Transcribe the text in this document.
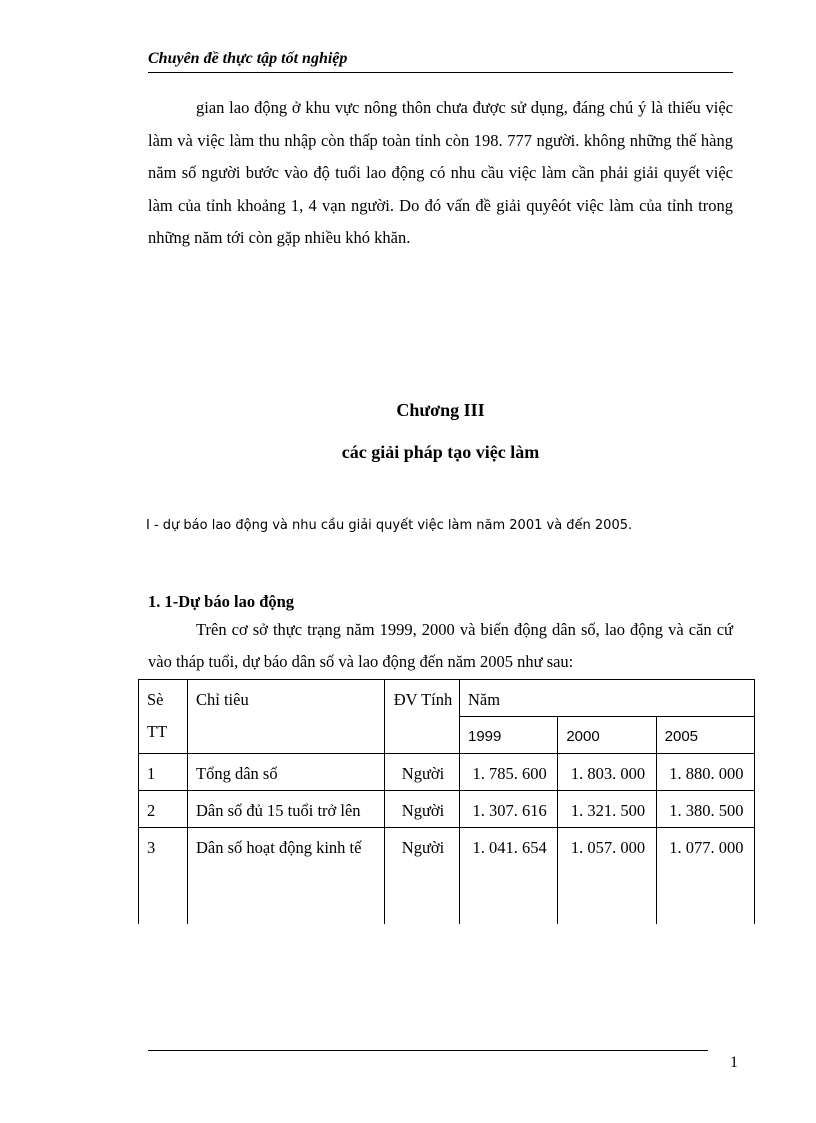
Chuyên đề thực tập tốt nghiệp

gian lao động ở khu vực nông thôn chưa được sử dụng, đáng chú ý là thiếu việc làm và việc làm thu nhập còn thấp toàn tỉnh còn 198. 777 người. không những thế hàng năm số người bước vào độ tuổi lao động có nhu cầu việc làm cần phải giải quyết việc làm của tỉnh khoảng 1, 4 vạn người. Do đó vấn đề giải quyêót việc làm của tỉnh trong những năm tới còn gặp nhiều khó khăn.

Chương III
các giải pháp tạo việc làm
I - dự báo lao động và nhu cầu giải quyết việc làm năm 2001 và đến 2005.
1. 1-Dự báo lao động

Trên cơ sở thực trạng năm 1999, 2000 và biến động dân số, lao động và căn cứ vào tháp tuổi, dự báo dân số và lao động đến năm 2005 như sau:

Sè TT	Chỉ tiêu	ĐV Tính	Năm		
			1999	2000	2005
1	Tổng dân số	Người	1. 785. 600	1. 803. 000	1. 880. 000
2	Dân số đủ 15 tuổi trở lên	Người	1. 307. 616	1. 321. 500	1. 380. 500
3	Dân số hoạt động kinh tế	Người	1. 041. 654	1. 057. 000	1. 077. 000
1
